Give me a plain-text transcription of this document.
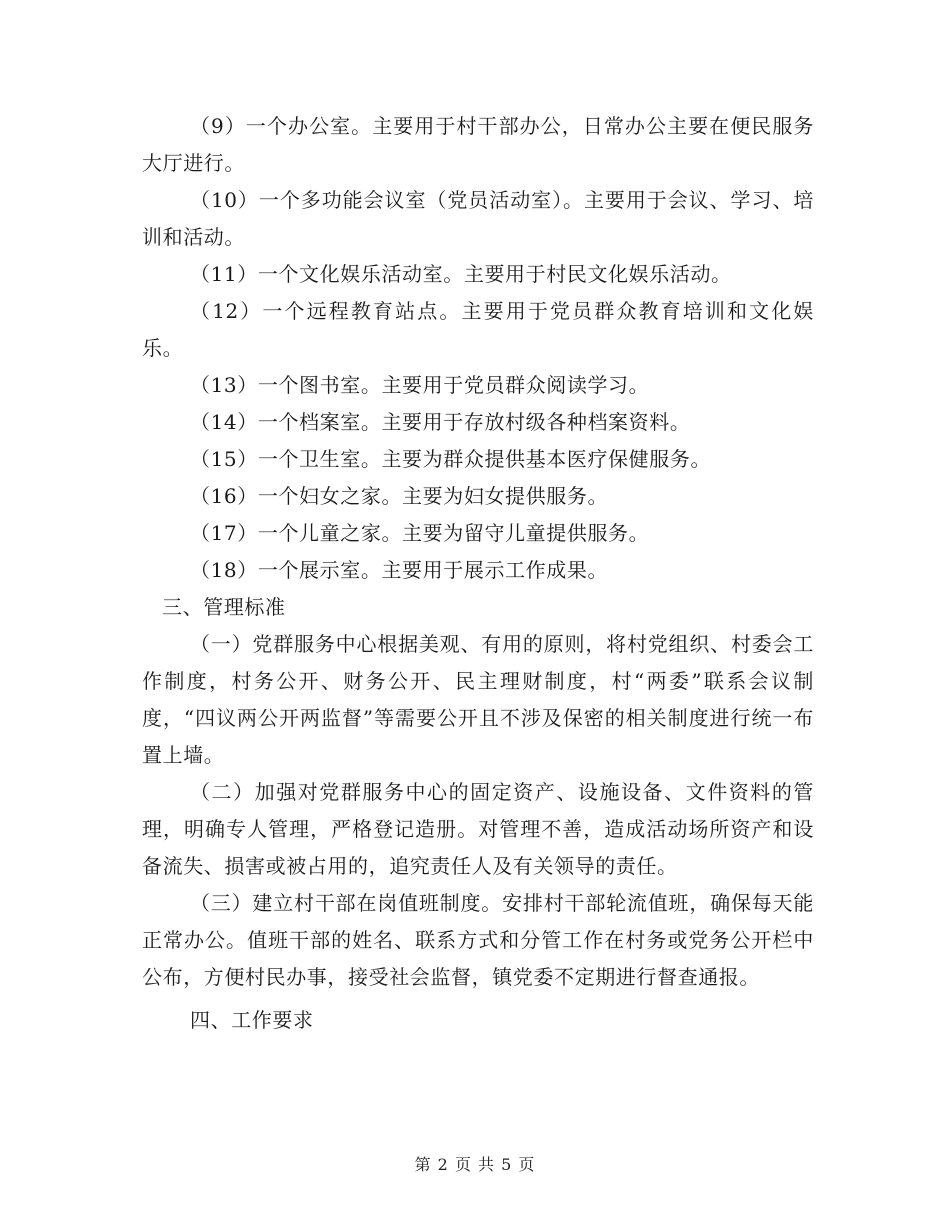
（9）一个办公室。主要用于村干部办公，日常办公主要在便民服务大厅进行。

（10）一个多功能会议室（党员活动室）。主要用于会议、学习、培训和活动。

（11）一个文化娱乐活动室。主要用于村民文化娱乐活动。

（12）一个远程教育站点。主要用于党员群众教育培训和文化娱乐。

（13）一个图书室。主要用于党员群众阅读学习。

（14）一个档案室。主要用于存放村级各种档案资料。

（15）一个卫生室。主要为群众提供基本医疗保健服务。

（16）一个妇女之家。主要为妇女提供服务。

（17）一个儿童之家。主要为留守儿童提供服务。

（18）一个展示室。主要用于展示工作成果。

三、管理标准

（一）党群服务中心根据美观、有用的原则，将村党组织、村委会工作制度，村务公开、财务公开、民主理财制度，村“两委”联系会议制度，“四议两公开两监督”等需要公开且不涉及保密的相关制度进行统一布置上墙。

（二）加强对党群服务中心的固定资产、设施设备、文件资料的管理，明确专人管理，严格登记造册。对管理不善，造成活动场所资产和设备流失、损害或被占用的，追究责任人及有关领导的责任。

（三）建立村干部在岗值班制度。安排村干部轮流值班，确保每天能正常办公。值班干部的姓名、联系方式和分管工作在村务或党务公开栏中公布，方便村民办事，接受社会监督，镇党委不定期进行督查通报。

四、工作要求

第 2 页 共 5 页
